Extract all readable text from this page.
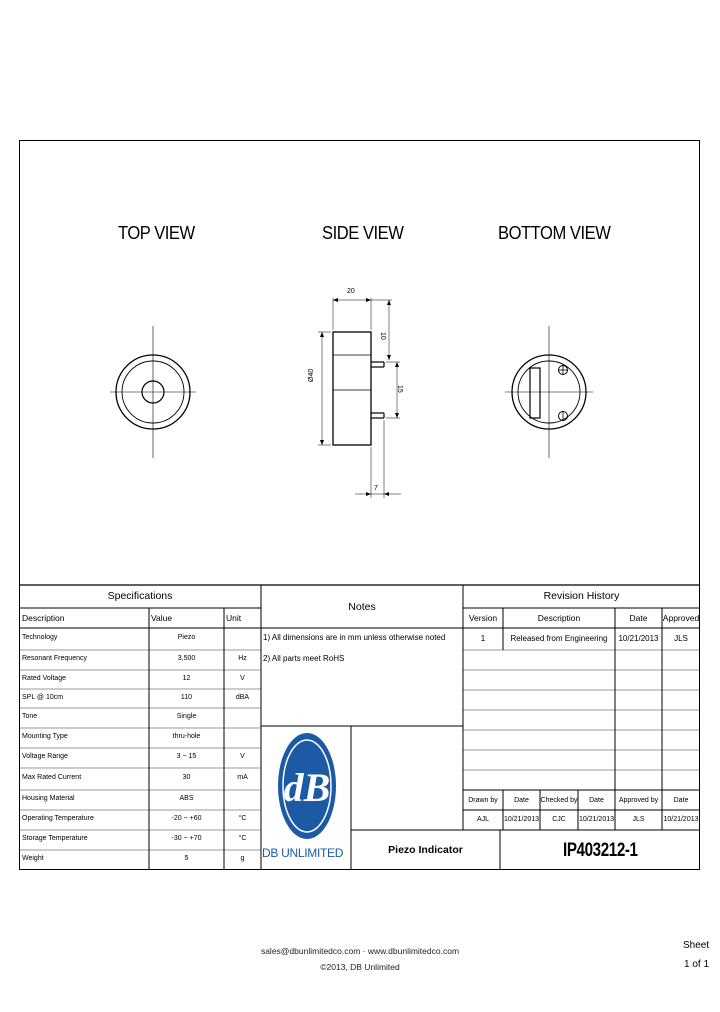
TOP VIEW	SIDE VIEW	BOTTOM VIEW
20
Ø40
10
15
7
Specifications
Description	Value	Unit
Technology	Piezo
Resonant Frequency	3,500	Hz
Rated Voltage	12	V
SPL @ 10cm	110	dBA
Tone	Single
Mounting Type	thru-hole
Voltage Range	3 ~ 15	V
Max Rated Current	30	mA
Housing Material	ABS
Operating Temperature	-20 ~ +60	°C
Storage Temperature	-30 ~ +70	°C
Weight	5	g
Notes
1) All dimensions are in mm unless otherwise noted
2) All parts meet RoHS
Revision History
Version	Description	Date	Approved
1	Released from Engineering	10/21/2013	JLS
Drawn by	Date	Checked by	Date	Approved by	Date
AJL	10/21/2013	CJC	10/21/2013	JLS	10/21/2013
dB
DB UNLIMITED	Piezo Indicator	IP403212-1
sales@dbunlimitedco.com · www.dbunlimitedco.com
©2013, DB Unlimited
Sheet
1 of 1
